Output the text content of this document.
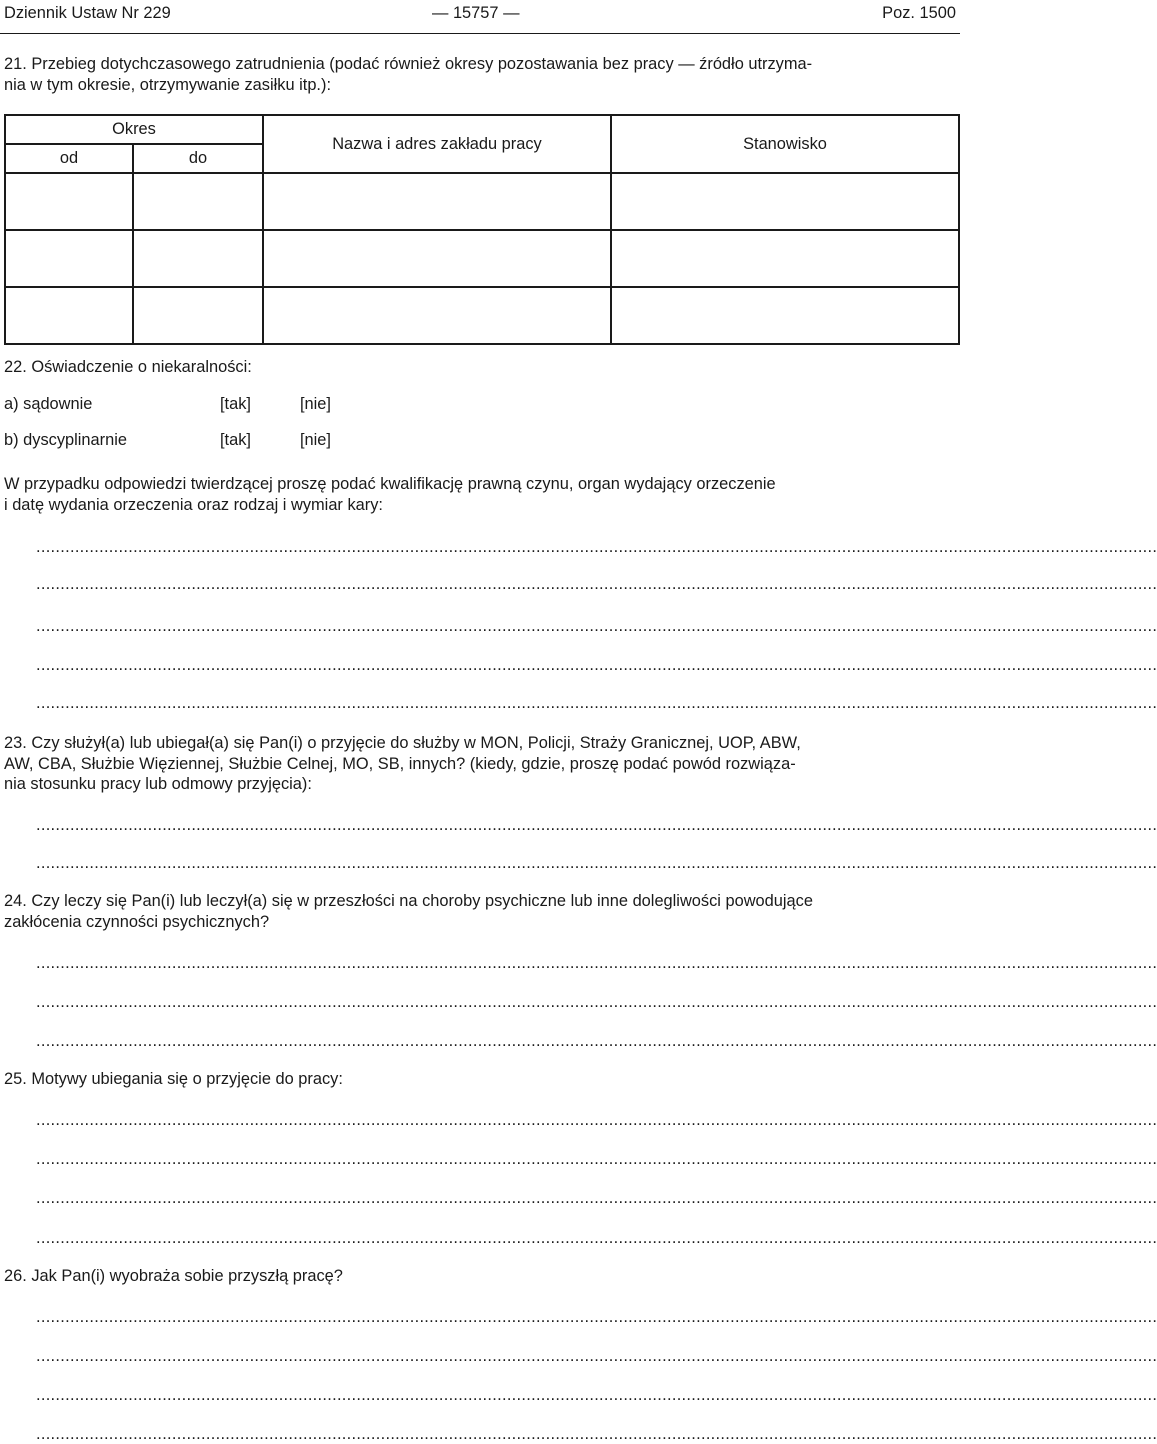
Dziennik Ustaw Nr 229	— 15757 —	Poz. 1500
21. Przebieg dotychczasowego zatrudnienia (podać również okresy pozostawania bez pracy — źródło utrzyma-
nia w tym okresie, otrzymywanie zasiłku itp.):
Okres		Nazwa i adres zakładu pracy	Stanowisko
od	do		

22. Oświadczenie o niekaralności:
a) sądownie	[tak]	[nie]
b) dyscyplinarnie	[tak]	[nie]
W przypadku odpowiedzi twierdzącej proszę podać kwalifikację prawną czynu, organ wydający orzeczenie
i datę wydania orzeczenia oraz rodzaj i wymiar kary:
.......................................................................................................................................................................................................................................
.......................................................................................................................................................................................................................................
.......................................................................................................................................................................................................................................
.......................................................................................................................................................................................................................................
.......................................................................................................................................................................................................................................
23. Czy służył(a) lub ubiegał(a) się Pan(i) o przyjęcie do służby w MON, Policji, Straży Granicznej, UOP, ABW,
AW, CBA, Służbie Więziennej, Służbie Celnej, MO, SB, innych? (kiedy, gdzie, proszę podać powód rozwiąza-
nia stosunku pracy lub odmowy przyjęcia):
.......................................................................................................................................................................................................................................
.......................................................................................................................................................................................................................................
24. Czy leczy się Pan(i) lub leczył(a) się w przeszłości na choroby psychiczne lub inne dolegliwości powodujące
zakłócenia czynności psychicznych?
.......................................................................................................................................................................................................................................
.......................................................................................................................................................................................................................................
.......................................................................................................................................................................................................................................
25. Motywy ubiegania się o przyjęcie do pracy:
.......................................................................................................................................................................................................................................
.......................................................................................................................................................................................................................................
.......................................................................................................................................................................................................................................
.......................................................................................................................................................................................................................................
26. Jak Pan(i) wyobraża sobie przyszłą pracę?
.......................................................................................................................................................................................................................................
.......................................................................................................................................................................................................................................
.......................................................................................................................................................................................................................................
.......................................................................................................................................................................................................................................
